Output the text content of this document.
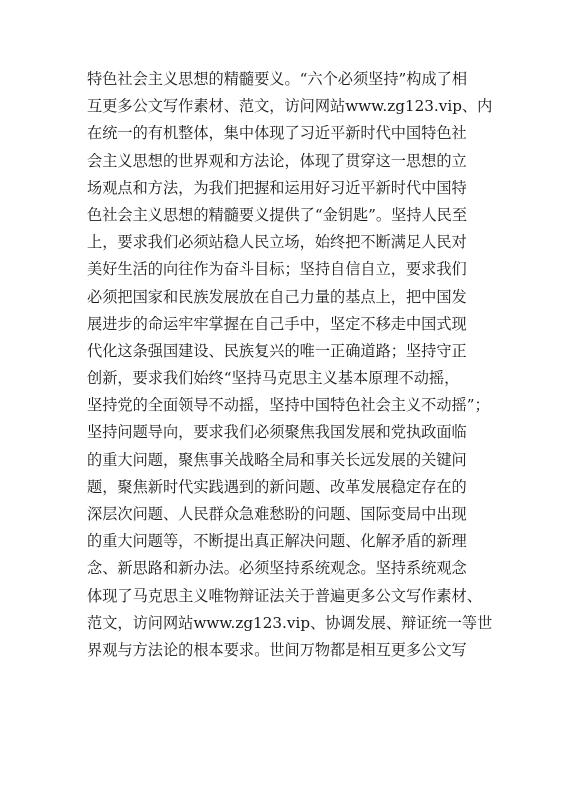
特色社会主义思想的精髓要义。“六个必须坚持”构成了相
互更多公文写作素材、范文，访问网站www.zg123.vip、内
在统一的有机整体，集中体现了习近平新时代中国特色社
会主义思想的世界观和方法论，体现了贯穿这一思想的立
场观点和方法，为我们把握和运用好习近平新时代中国特
色社会主义思想的精髓要义提供了“金钥匙”。坚持人民至
上，要求我们必须站稳人民立场，始终把不断满足人民对
美好生活的向往作为奋斗目标；坚持自信自立，要求我们
必须把国家和民族发展放在自己力量的基点上，把中国发
展进步的命运牢牢掌握在自己手中，坚定不移走中国式现
代化这条强国建设、民族复兴的唯一正确道路；坚持守正
创新，要求我们始终“坚持马克思主义基本原理不动摇，
坚持党的全面领导不动摇，坚持中国特色社会主义不动摇”；
坚持问题导向，要求我们必须聚焦我国发展和党执政面临
的重大问题，聚焦事关战略全局和事关长远发展的关键问
题，聚焦新时代实践遇到的新问题、改革发展稳定存在的
深层次问题、人民群众急难愁盼的问题、国际变局中出现
的重大问题等，不断提出真正解决问题、化解矛盾的新理
念、新思路和新办法。必须坚持系统观念。坚持系统观念
体现了马克思主义唯物辩证法关于普遍更多公文写作素材、
范文，访问网站www.zg123.vip、协调发展、辩证统一等世
界观与方法论的根本要求。世间万物都是相互更多公文写
